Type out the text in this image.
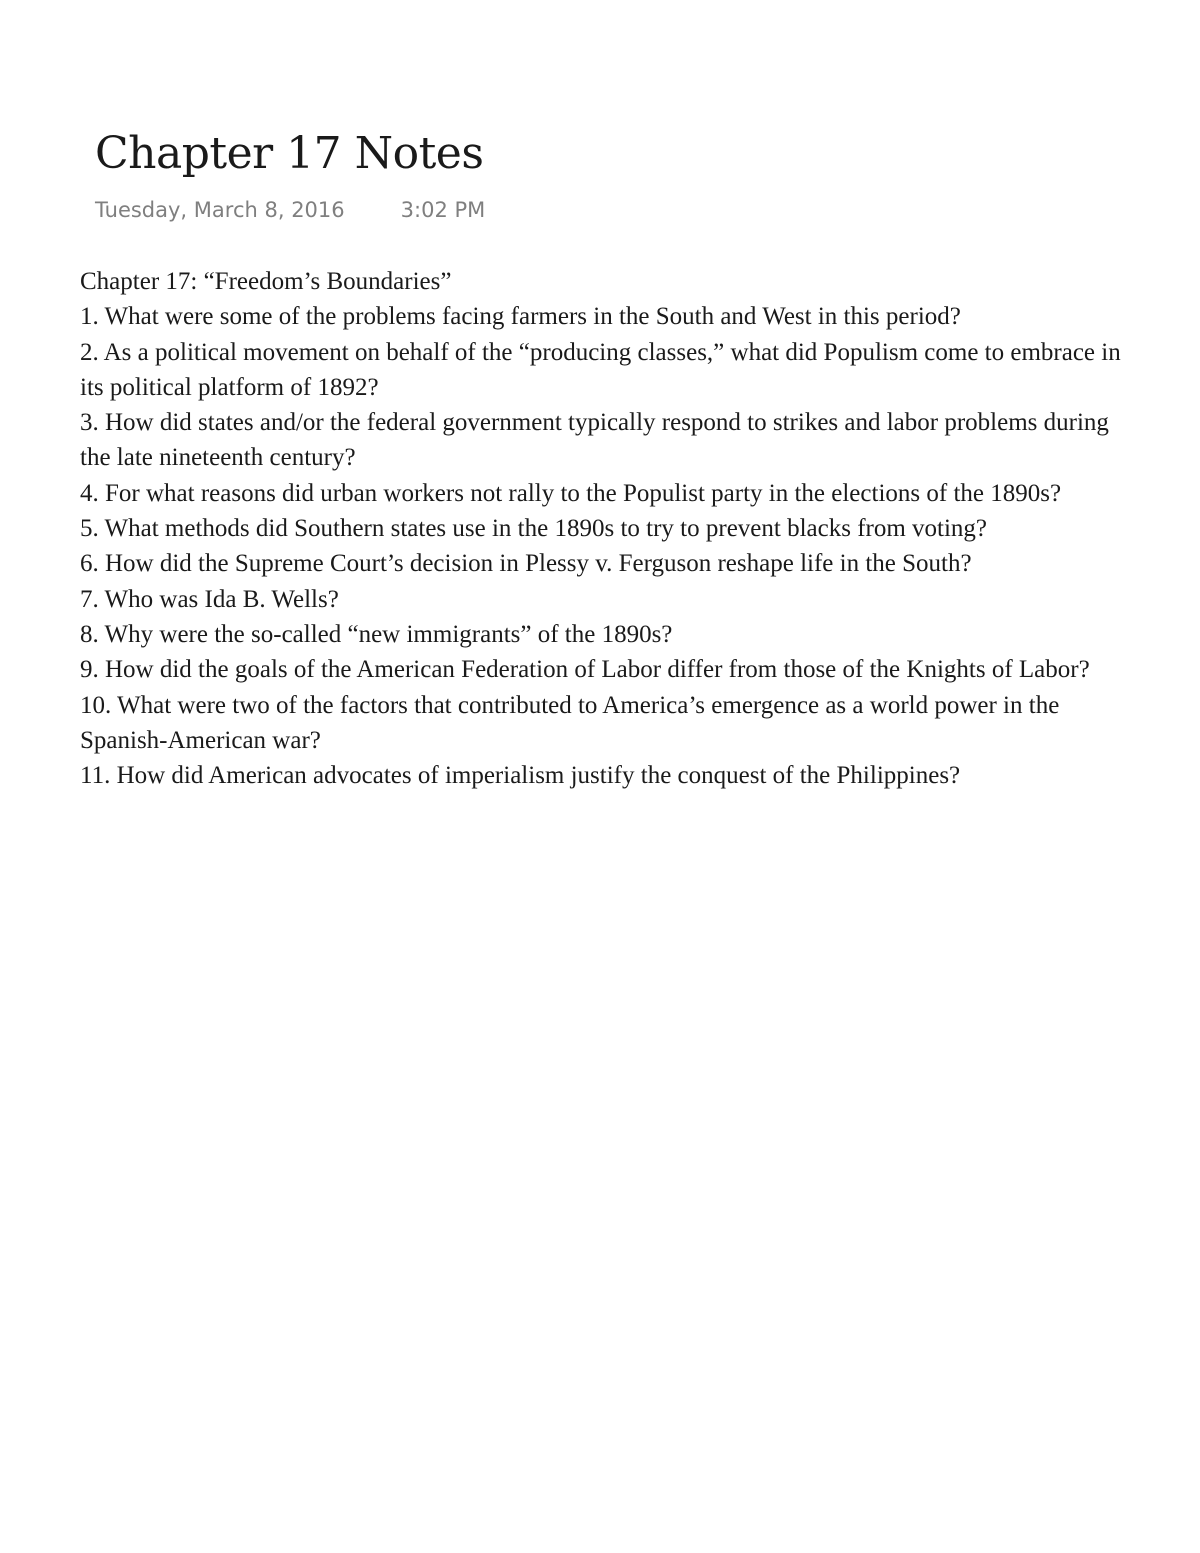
Chapter 17 Notes
Tuesday, March 8, 2016	3:02 PM

Chapter 17: “Freedom’s Boundaries”

1. What were some of the problems facing farmers in the South and West in this period?

2. As a political movement on behalf of the “producing classes,” what did Populism come to embrace in its political platform of 1892?

3. How did states and/or the federal government typically respond to strikes and labor problems during the late nineteenth century?

4. For what reasons did urban workers not rally to the Populist party in the elections of the 1890s?

5. What methods did Southern states use in the 1890s to try to prevent blacks from voting?

6. How did the Supreme Court’s decision in Plessy v. Ferguson reshape life in the South?

7. Who was Ida B. Wells?

8. Why were the so-called “new immigrants” of the 1890s?

9. How did the goals of the American Federation of Labor differ from those of the Knights of Labor?

10. What were two of the factors that contributed to America’s emergence as a world power in the Spanish-American war?

11. How did American advocates of imperialism justify the conquest of the Philippines?
